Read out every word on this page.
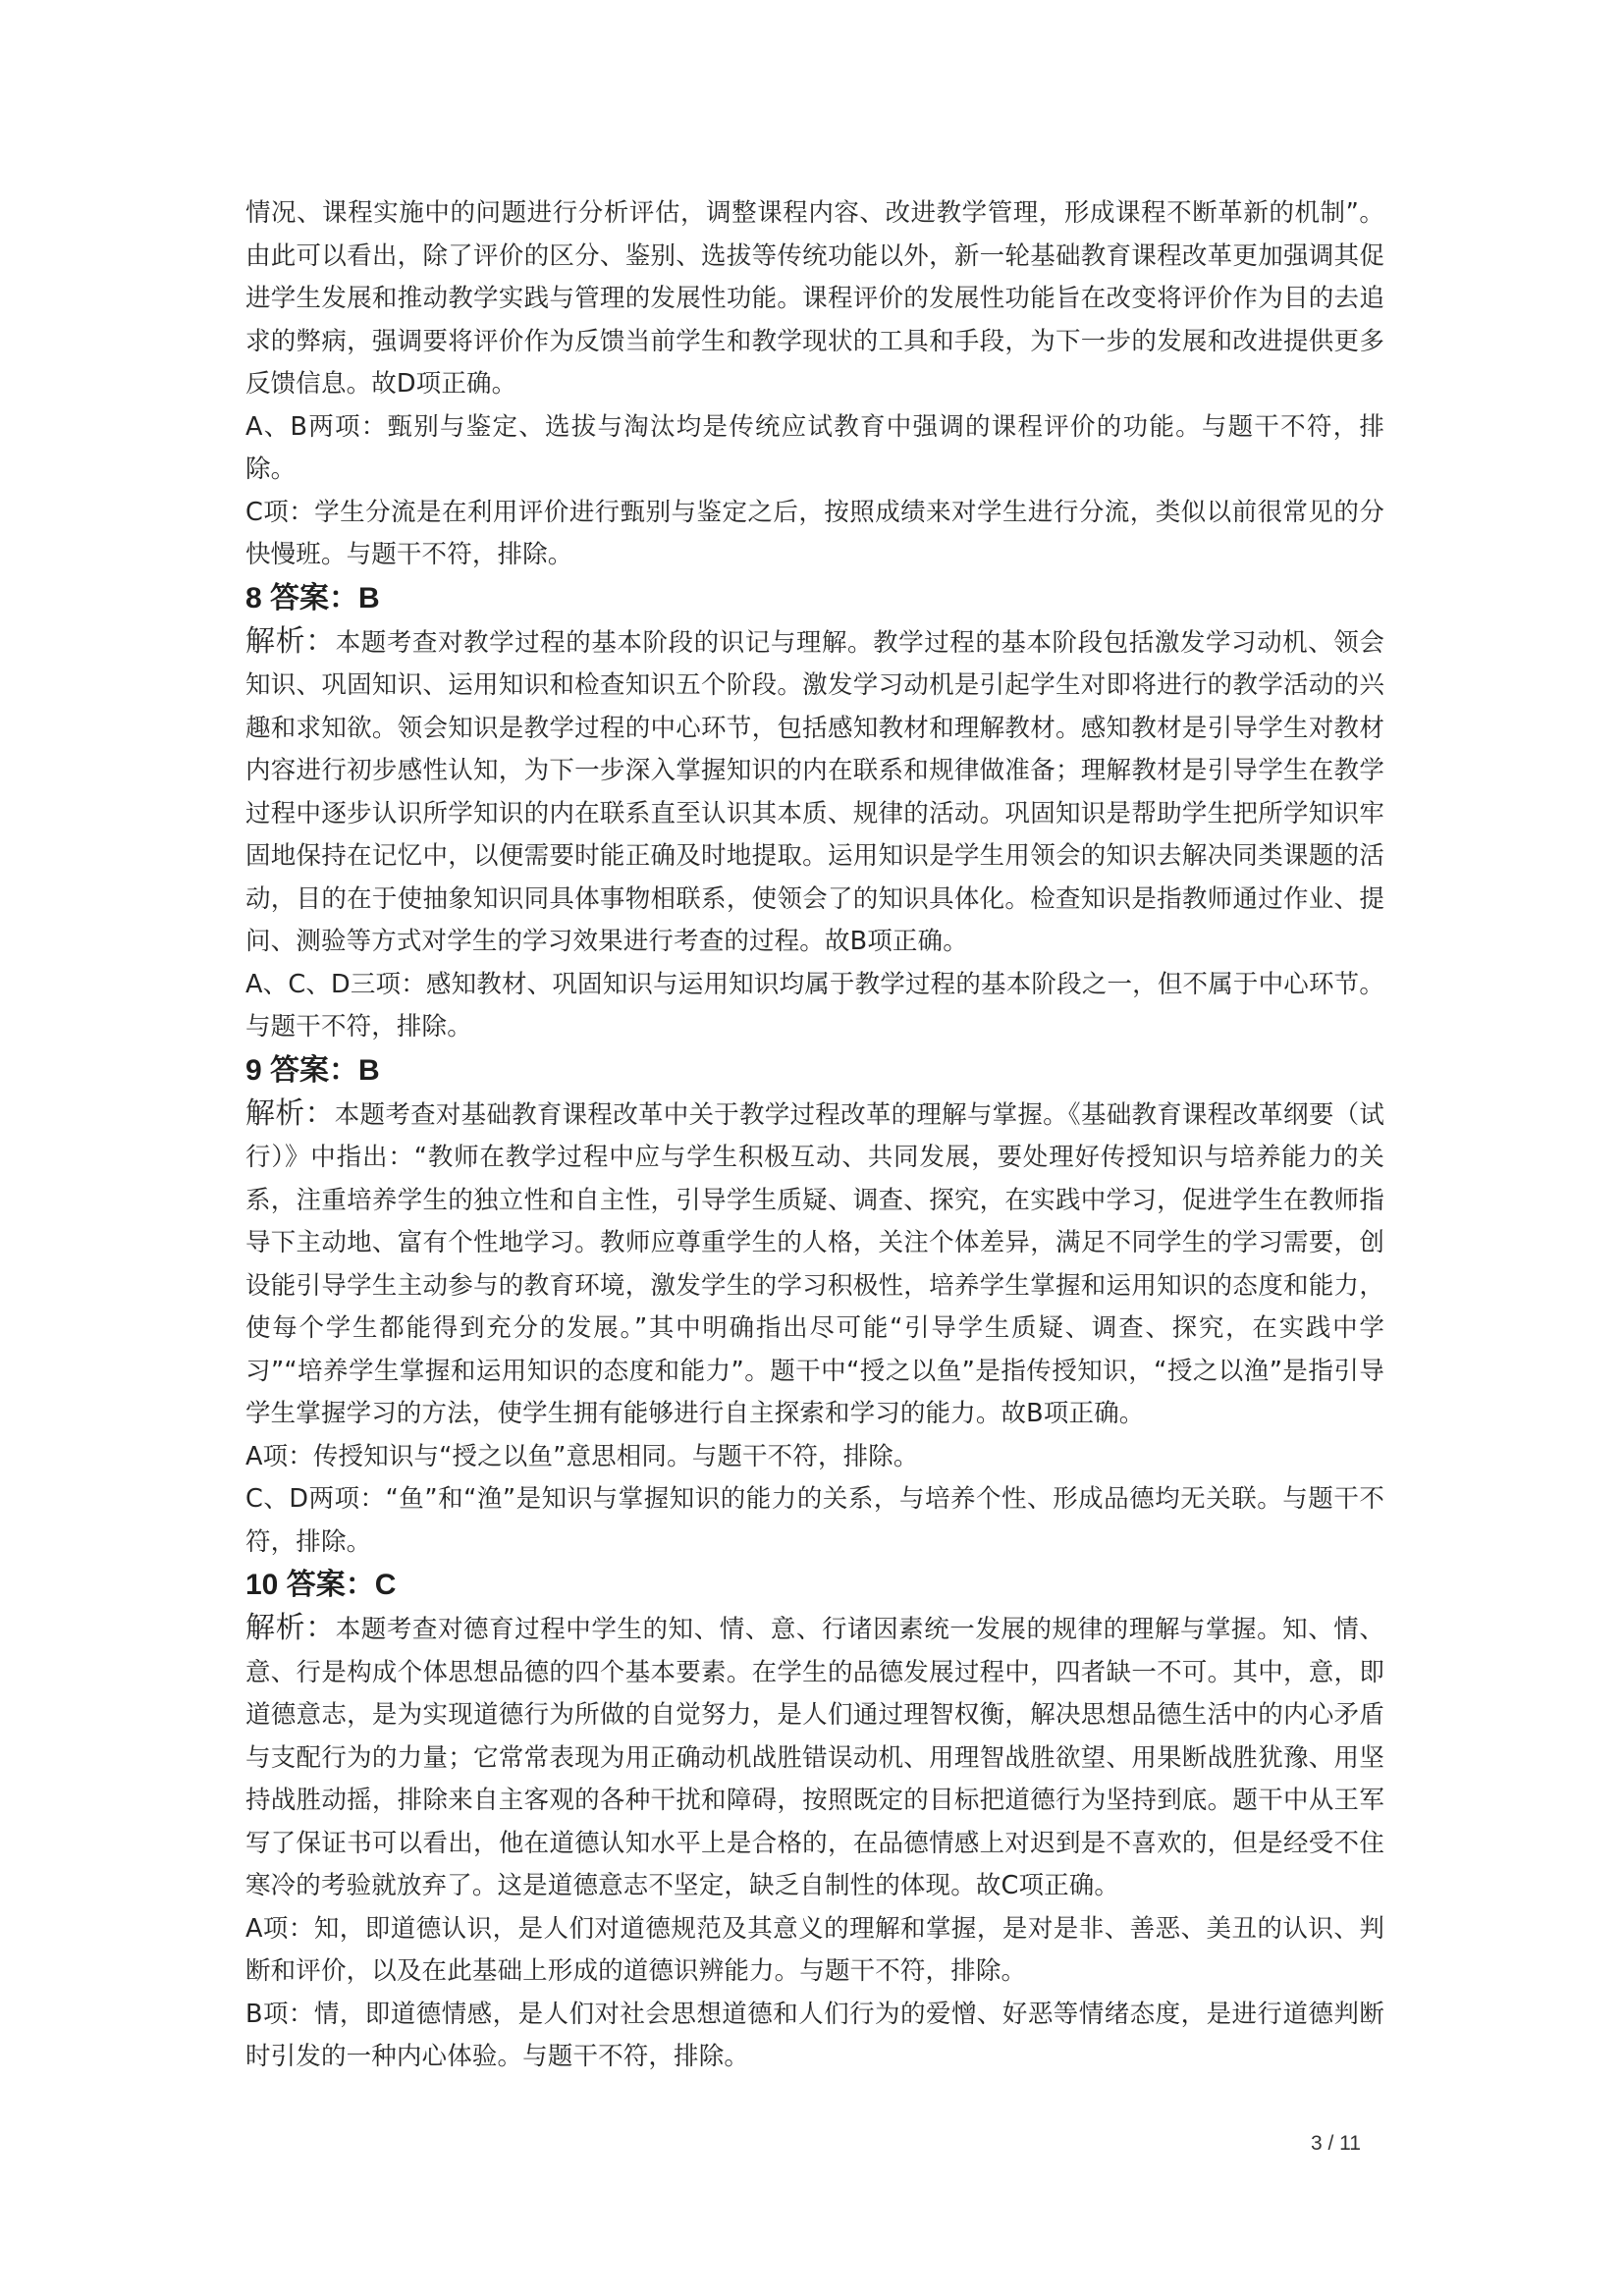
情况、课程实施中的问题进行分析评估，调整课程内容、改进教学管理，形成课程不断革新的机制”。由此可以看出，除了评价的区分、鉴别、选拔等传统功能以外，新一轮基础教育课程改革更加强调其促进学生发展和推动教学实践与管理的发展性功能。课程评价的发展性功能旨在改变将评价作为目的去追求的弊病，强调要将评价作为反馈当前学生和教学现状的工具和手段，为下一步的发展和改进提供更多反馈信息。故D项正确。

A、B两项：甄别与鉴定、选拔与淘汰均是传统应试教育中强调的课程评价的功能。与题干不符，排除。

C项：学生分流是在利用评价进行甄别与鉴定之后，按照成绩来对学生进行分流，类似以前很常见的分快慢班。与题干不符，排除。

8 答案：B

解析：本题考查对教学过程的基本阶段的识记与理解。教学过程的基本阶段包括激发学习动机、领会知识、巩固知识、运用知识和检查知识五个阶段。激发学习动机是引起学生对即将进行的教学活动的兴趣和求知欲。领会知识是教学过程的中心环节，包括感知教材和理解教材。感知教材是引导学生对教材内容进行初步感性认知，为下一步深入掌握知识的内在联系和规律做准备；理解教材是引导学生在教学过程中逐步认识所学知识的内在联系直至认识其本质、规律的活动。巩固知识是帮助学生把所学知识牢固地保持在记忆中，以便需要时能正确及时地提取。运用知识是学生用领会的知识去解决同类课题的活动，目的在于使抽象知识同具体事物相联系，使领会了的知识具体化。检查知识是指教师通过作业、提问、测验等方式对学生的学习效果进行考查的过程。故B项正确。

A、C、D三项：感知教材、巩固知识与运用知识均属于教学过程的基本阶段之一，但不属于中心环节。与题干不符，排除。

9 答案：B

解析：本题考查对基础教育课程改革中关于教学过程改革的理解与掌握。《基础教育课程改革纲要（试行）》中指出：“教师在教学过程中应与学生积极互动、共同发展，要处理好传授知识与培养能力的关系，注重培养学生的独立性和自主性，引导学生质疑、调查、探究，在实践中学习，促进学生在教师指导下主动地、富有个性地学习。教师应尊重学生的人格，关注个体差异，满足不同学生的学习需要，创设能引导学生主动参与的教育环境，激发学生的学习积极性，培养学生掌握和运用知识的态度和能力，使每个学生都能得到充分的发展。”其中明确指出尽可能“引导学生质疑、调查、探究，在实践中学习”“培养学生掌握和运用知识的态度和能力”。题干中“授之以鱼”是指传授知识，“授之以渔”是指引导学生掌握学习的方法，使学生拥有能够进行自主探索和学习的能力。故B项正确。

A项：传授知识与“授之以鱼”意思相同。与题干不符，排除。

C、D两项：“鱼”和“渔”是知识与掌握知识的能力的关系，与培养个性、形成品德均无关联。与题干不符，排除。

10 答案：C

解析：本题考查对德育过程中学生的知、情、意、行诸因素统一发展的规律的理解与掌握。知、情、意、行是构成个体思想品德的四个基本要素。在学生的品德发展过程中，四者缺一不可。其中，意，即道德意志，是为实现道德行为所做的自觉努力，是人们通过理智权衡，解决思想品德生活中的内心矛盾与支配行为的力量；它常常表现为用正确动机战胜错误动机、用理智战胜欲望、用果断战胜犹豫、用坚持战胜动摇，排除来自主客观的各种干扰和障碍，按照既定的目标把道德行为坚持到底。题干中从王军写了保证书可以看出，他在道德认知水平上是合格的，在品德情感上对迟到是不喜欢的，但是经受不住寒冷的考验就放弃了。这是道德意志不坚定，缺乏自制性的体现。故C项正确。

A项：知，即道德认识，是人们对道德规范及其意义的理解和掌握，是对是非、善恶、美丑的认识、判断和评价，以及在此基础上形成的道德识辨能力。与题干不符，排除。

B项：情，即道德情感，是人们对社会思想道德和人们行为的爱憎、好恶等情绪态度，是进行道德判断时引发的一种内心体验。与题干不符，排除。

3 / 11
